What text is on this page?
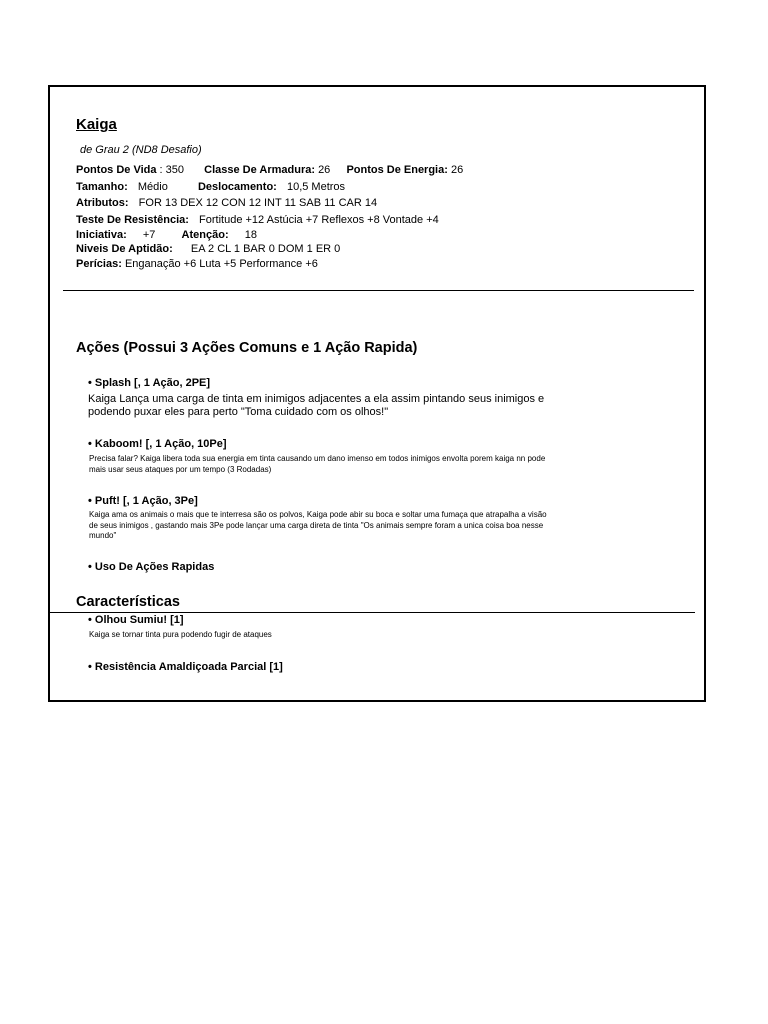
Kaiga
de Grau 2 (ND8 Desafio)
Pontos De Vida : 350 Classe De Armadura: 26 Pontos De Energia: 26
Tamanho: Médio	Deslocamento: 10,5 Metros
Atributos: FOR 13 DEX 12 CON 12 INT 11 SAB 11 CAR 14
Teste De Resistência: Fortitude +12 Astúcia +7 Reflexos +8 Vontade +4
Iniciativa: +7 Atenção: 18
Niveis De Aptidão: EA 2 CL 1 BAR 0 DOM 1 ER 0
Perícias: Enganação +6 Luta +5 Performance +6
Ações (Possui 3 Ações Comuns e 1 Ação Rapida)
• Splash [, 1 Ação, 2PE]
Kaiga Lança uma carga de tinta em inimigos adjacentes a ela assim pintando seus inimigos e podendo puxar eles para perto "Toma cuidado com os olhos!"
• Kaboom! [, 1 Ação, 10Pe]
Precisa falar? Kaiga libera toda sua energia em tinta causando um dano imenso em todos inimigos envolta porem kaiga nn pode mais usar seus ataques por um tempo (3 Rodadas)
• Puft! [, 1 Ação, 3Pe]
Kaiga ama os animais o mais que te interresa são os polvos, Kaiga pode abir su boca e soltar uma fumaça que atrapalha a visão de seus inimigos , gastando mais 3Pe pode lançar uma carga direta de tinta "Os animais sempre foram a unica coisa boa nesse mundo"
• Uso De Ações Rapidas
Características
• Olhou Sumiu! [1]
Kaiga se tornar tinta pura podendo fugir de ataques
• Resistência Amaldiçoada Parcial [1]
